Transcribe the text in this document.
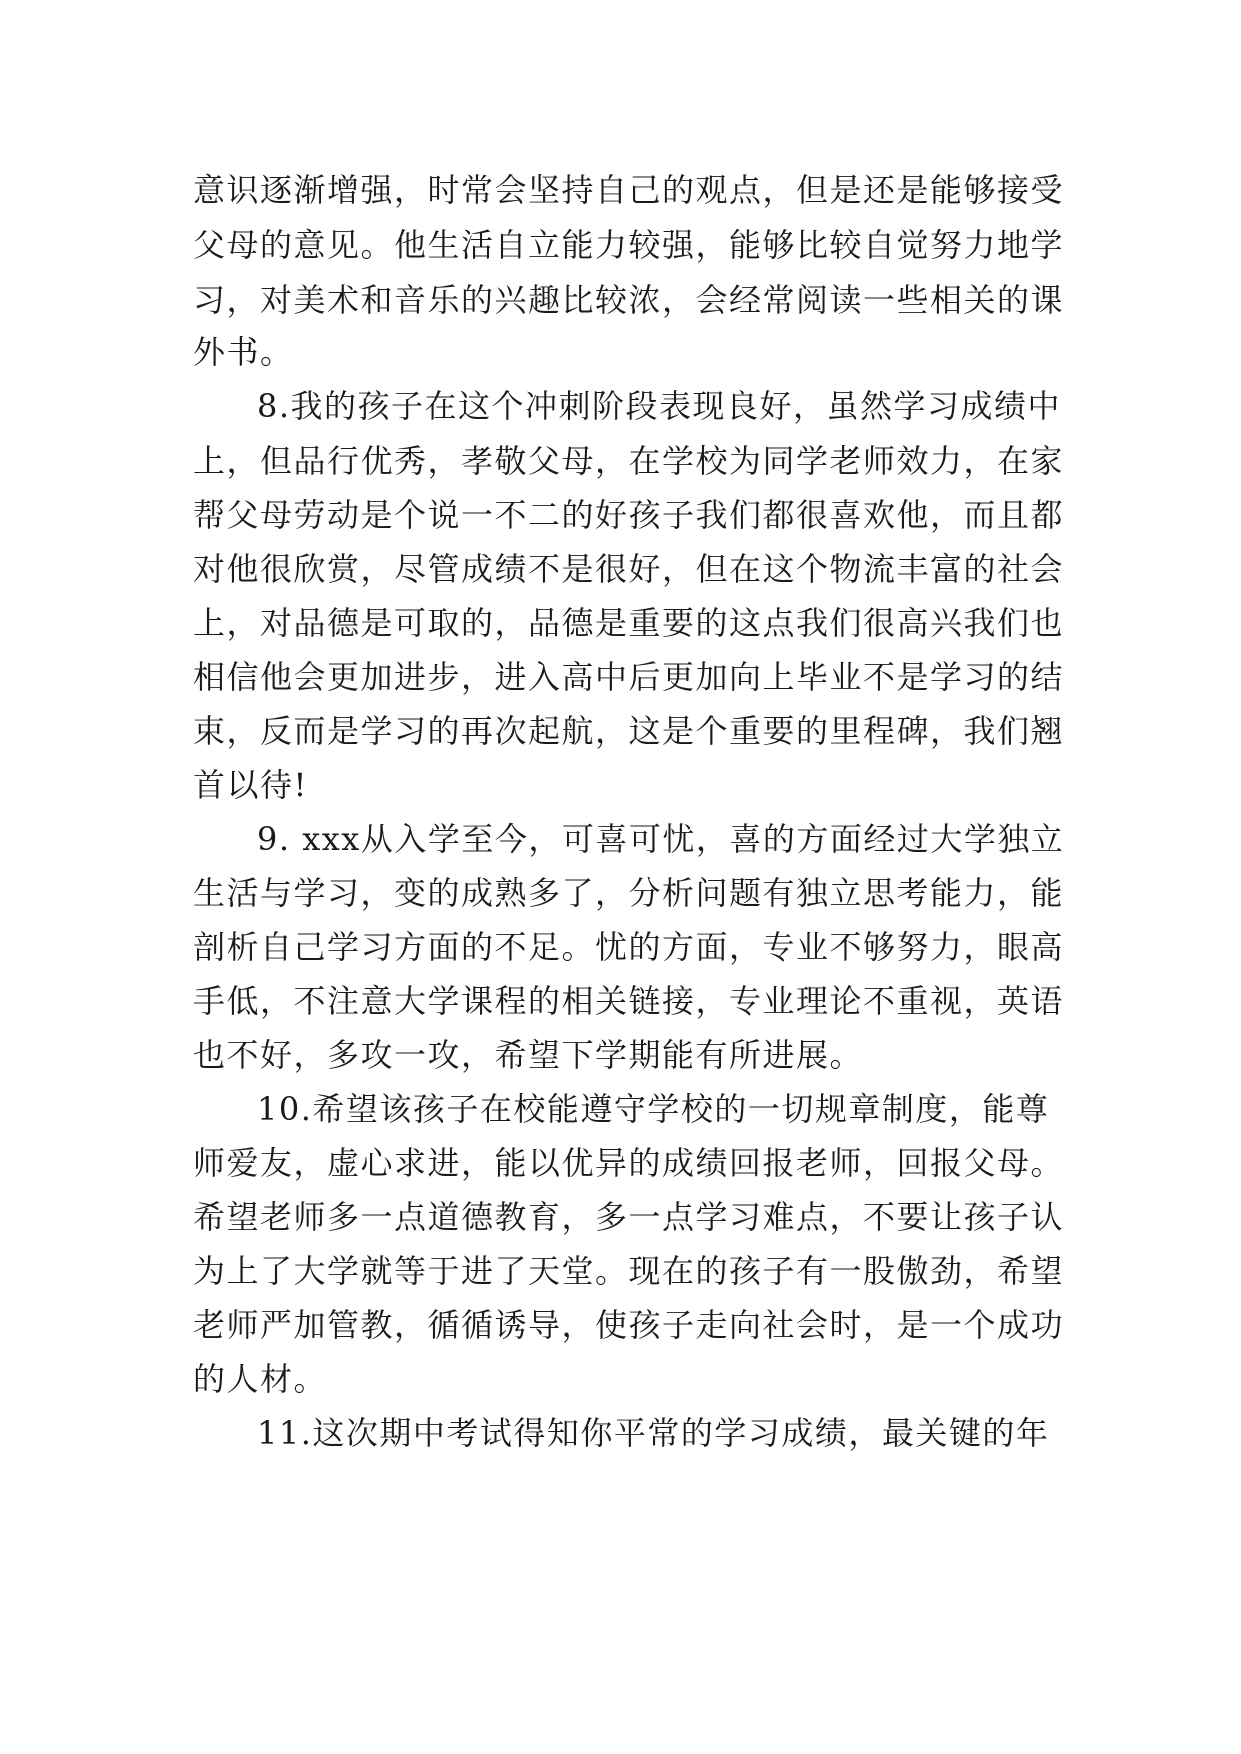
意识逐渐增强，时常会坚持自己的观点，但是还是能够接受
父母的意见。他生活自立能力较强，能够比较自觉努力地学
习，对美术和音乐的兴趣比较浓，会经常阅读一些相关的课
外书。
8.我的孩子在这个冲刺阶段表现良好，虽然学习成绩中
上，但品行优秀，孝敬父母，在学校为同学老师效力，在家
帮父母劳动是个说一不二的好孩子我们都很喜欢他，而且都
对他很欣赏，尽管成绩不是很好，但在这个物流丰富的社会
上，对品德是可取的，品德是重要的这点我们很高兴我们也
相信他会更加进步，进入高中后更加向上毕业不是学习的结
束，反而是学习的再次起航，这是个重要的里程碑，我们翘
首以待!
9. xxx从入学至今，可喜可忧，喜的方面经过大学独立
生活与学习，变的成熟多了，分析问题有独立思考能力，能
剖析自己学习方面的不足。忧的方面，专业不够努力，眼高
手低，不注意大学课程的相关链接，专业理论不重视，英语
也不好，多攻一攻，希望下学期能有所进展。
10.希望该孩子在校能遵守学校的一切规章制度，能尊
师爱友，虚心求进，能以优异的成绩回报老师，回报父母。
希望老师多一点道德教育，多一点学习难点，不要让孩子认
为上了大学就等于进了天堂。现在的孩子有一股傲劲，希望
老师严加管教，循循诱导，使孩子走向社会时，是一个成功
的人材。
11.这次期中考试得知你平常的学习成绩，最关键的年
